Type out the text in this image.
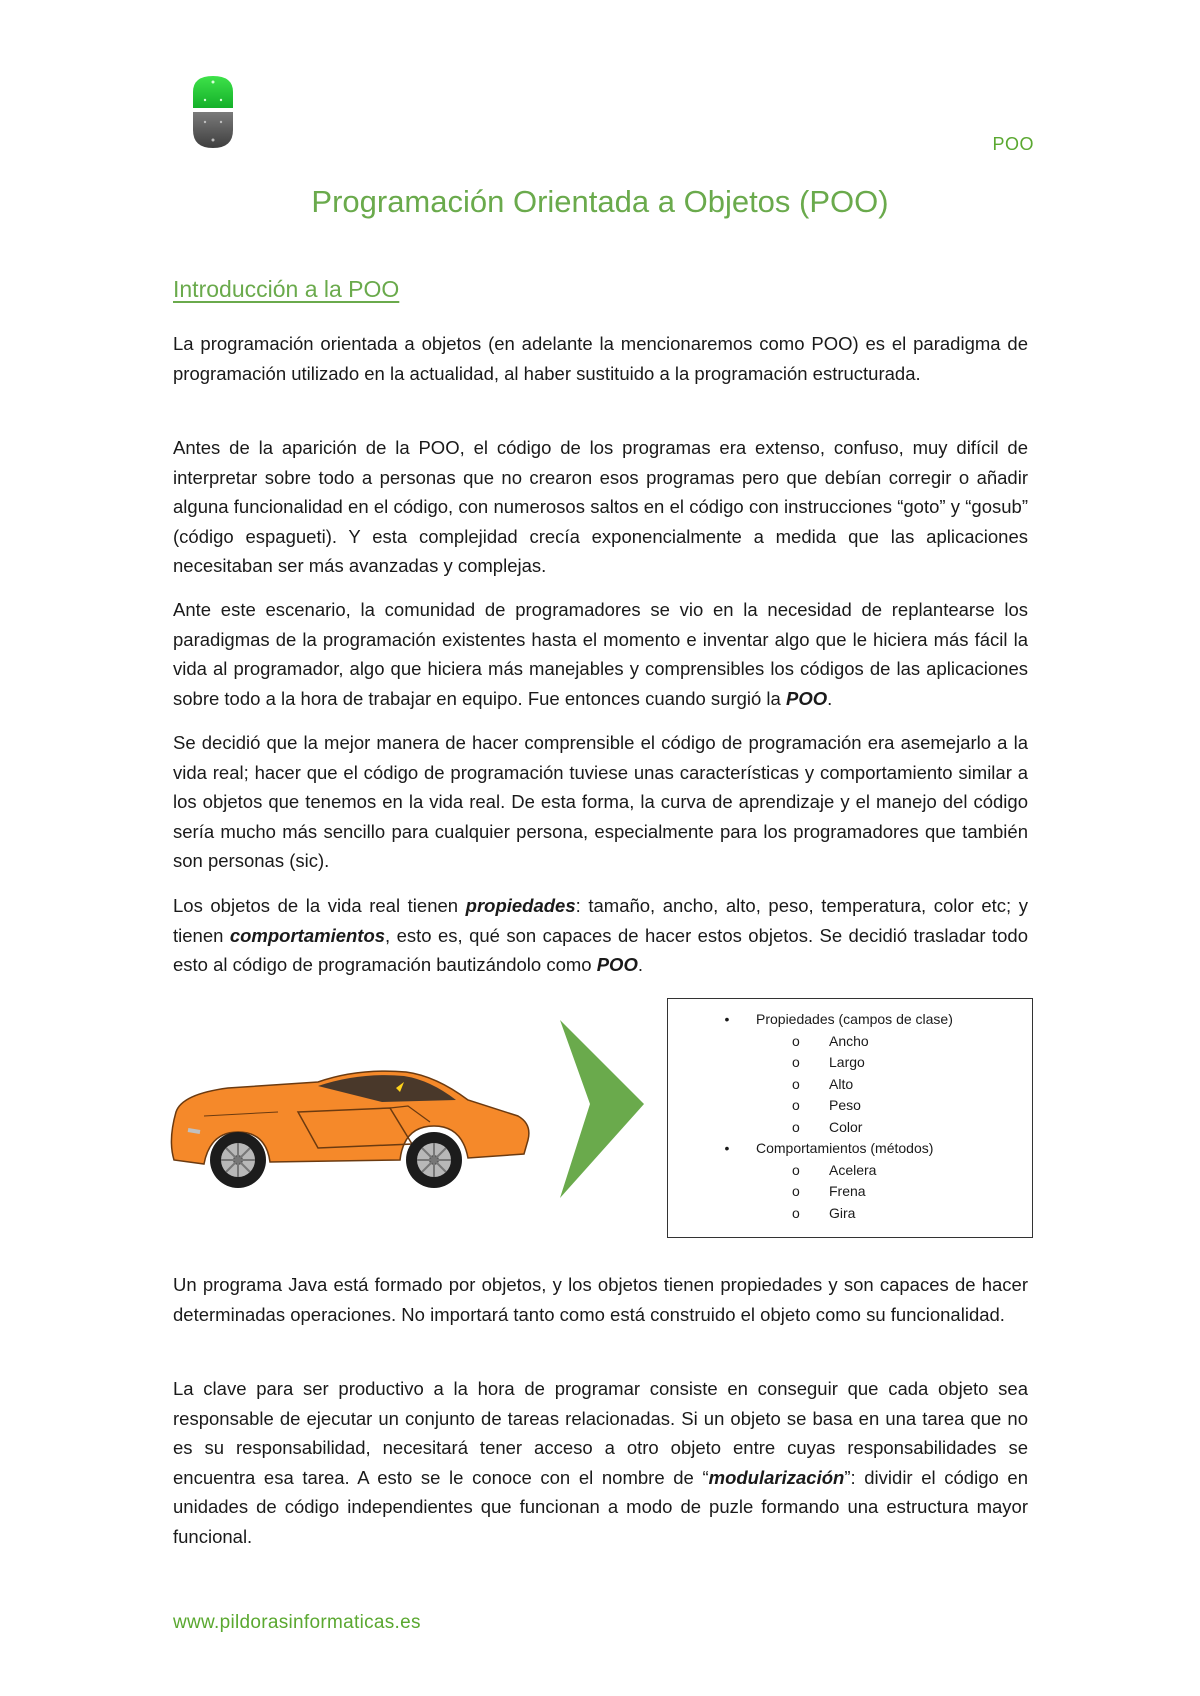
POO
Programación Orientada a Objetos (POO)
Introducción a la POO

La programación orientada a objetos (en adelante la mencionaremos como POO) es el paradigma de programación utilizado en la actualidad, al haber sustituido a la programación estructurada.

Antes de la aparición de la POO, el código de los programas era extenso, confuso, muy difícil de interpretar sobre todo a personas que no crearon esos programas pero que debían corregir o añadir alguna funcionalidad en el código, con numerosos saltos en el código con instrucciones “goto” y “gosub” (código espagueti). Y esta complejidad crecía exponencialmente a medida que las aplicaciones necesitaban ser más avanzadas y complejas.

Ante este escenario, la comunidad de programadores se vio en la necesidad de replantearse los paradigmas de la programación existentes hasta el momento e inventar algo que le hiciera más fácil la vida al programador, algo que hiciera más manejables y comprensibles los códigos de las aplicaciones sobre todo a la hora de trabajar en equipo. Fue entonces cuando surgió la POO.

Se decidió que la mejor manera de hacer comprensible el código de programación era asemejarlo a la vida real; hacer que el código de programación tuviese unas características y comportamiento similar a los objetos que tenemos en la vida real. De esta forma, la curva de aprendizaje y el manejo del código sería mucho más sencillo para cualquier persona, especialmente para los programadores que también son personas (sic).

Los objetos de la vida real tienen propiedades: tamaño, ancho, alto, peso, temperatura, color etc; y tienen comportamientos, esto es, qué son capaces de hacer estos objetos. Se decidió trasladar todo esto al código de programación bautizándolo como POO.

•	Propiedades (campos de clase)
o Ancho
o Largo
o Alto
o Peso
o Color
•	Comportamientos (métodos)
o Acelera
o Frena
o Gira

Un programa Java está formado por objetos, y los objetos tienen propiedades y son capaces de hacer determinadas operaciones. No importará tanto como está construido el objeto como su funcionalidad.

La clave para ser productivo a la hora de programar consiste en conseguir que cada objeto sea responsable de ejecutar un conjunto de tareas relacionadas. Si un objeto se basa en una tarea que no es su responsabilidad, necesitará tener acceso a otro objeto entre cuyas responsabilidades se encuentra esa tarea. A esto se le conoce con el nombre de “modularización”: dividir el código en unidades de código independientes que funcionan a modo de puzle formando una estructura mayor funcional.

www.pildorasinformaticas.es
